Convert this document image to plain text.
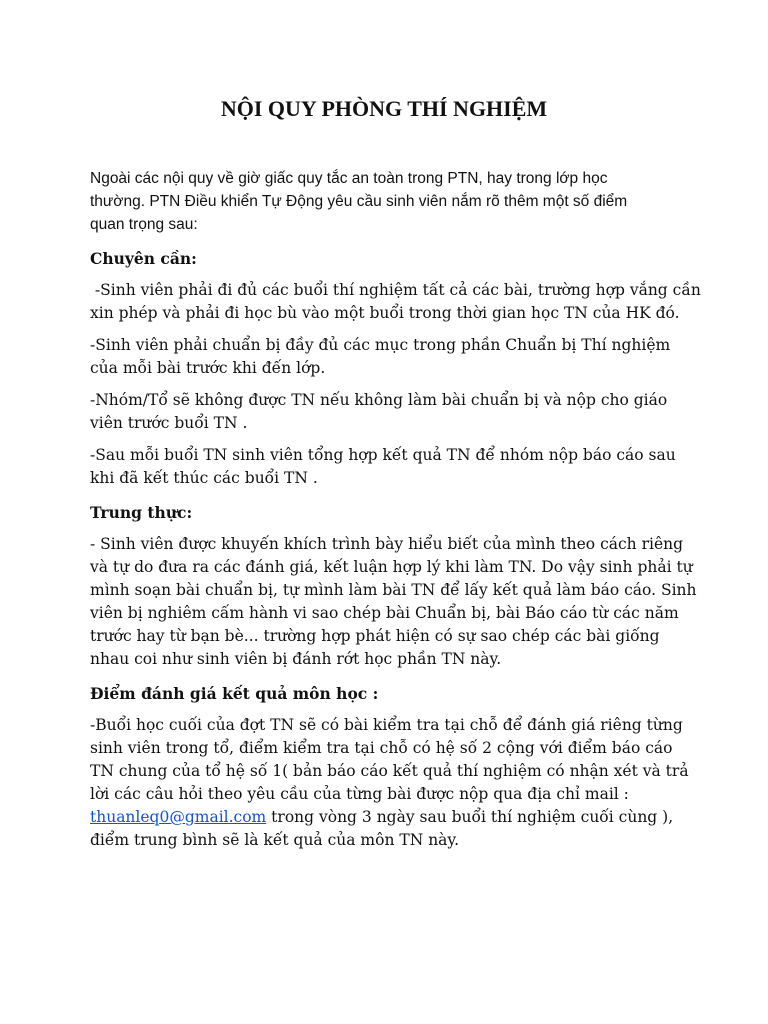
NỘI QUY PHÒNG THÍ NGHIỆM

Ngoài các nội quy về giờ giấc quy tắc an toàn trong PTN, hay trong lớp học
thường. PTN Điều khiển Tự Động yêu cầu sinh viên nắm rõ thêm một số điểm
quan trọng sau:

Chuyên cần:

-Sinh viên phải đi đủ các buổi thí nghiệm tất cả các bài, trường hợp vắng cần
xin phép và phải đi học bù vào một buổi trong thời gian học TN của HK đó.

-Sinh viên phải chuẩn bị đầy đủ các mục trong phần Chuẩn bị Thí nghiệm
của mỗi bài trước khi đến lớp.

-Nhóm/Tổ sẽ không được TN nếu không làm bài chuẩn bị và nộp cho giáo
viên trước buổi TN .

-Sau mỗi buổi TN sinh viên tổng hợp kết quả TN để nhóm nộp báo cáo sau
khi đã kết thúc các buổi TN .

Trung thực:

- Sinh viên được khuyến khích trình bày hiểu biết của mình theo cách riêng
và tự do đưa ra các đánh giá, kết luận hợp lý khi làm TN. Do vậy sinh phải tự
mình soạn bài chuẩn bị, tự mình làm bài TN để lấy kết quả làm báo cáo. Sinh
viên bị nghiêm cấm hành vi sao chép bài Chuẩn bị, bài Báo cáo từ các năm
trước hay từ bạn bè... trường hợp phát hiện có sự sao chép các bài giống
nhau coi như sinh viên bị đánh rớt học phần TN này.

Điểm đánh giá kết quả môn học :

-Buổi học cuối của đợt TN sẽ có bài kiểm tra tại chỗ để đánh giá riêng từng
sinh viên trong tổ, điểm kiểm tra tại chỗ có hệ số 2 cộng với điểm báo cáo
TN chung của tổ hệ số 1( bản báo cáo kết quả thí nghiệm có nhận xét và trả
lời các câu hỏi theo yêu cầu của từng bài được nộp qua địa chỉ mail :
thuanleq0@gmail.com trong vòng 3 ngày sau buổi thí nghiệm cuối cùng ),
điểm trung bình sẽ là kết quả của môn TN này.
